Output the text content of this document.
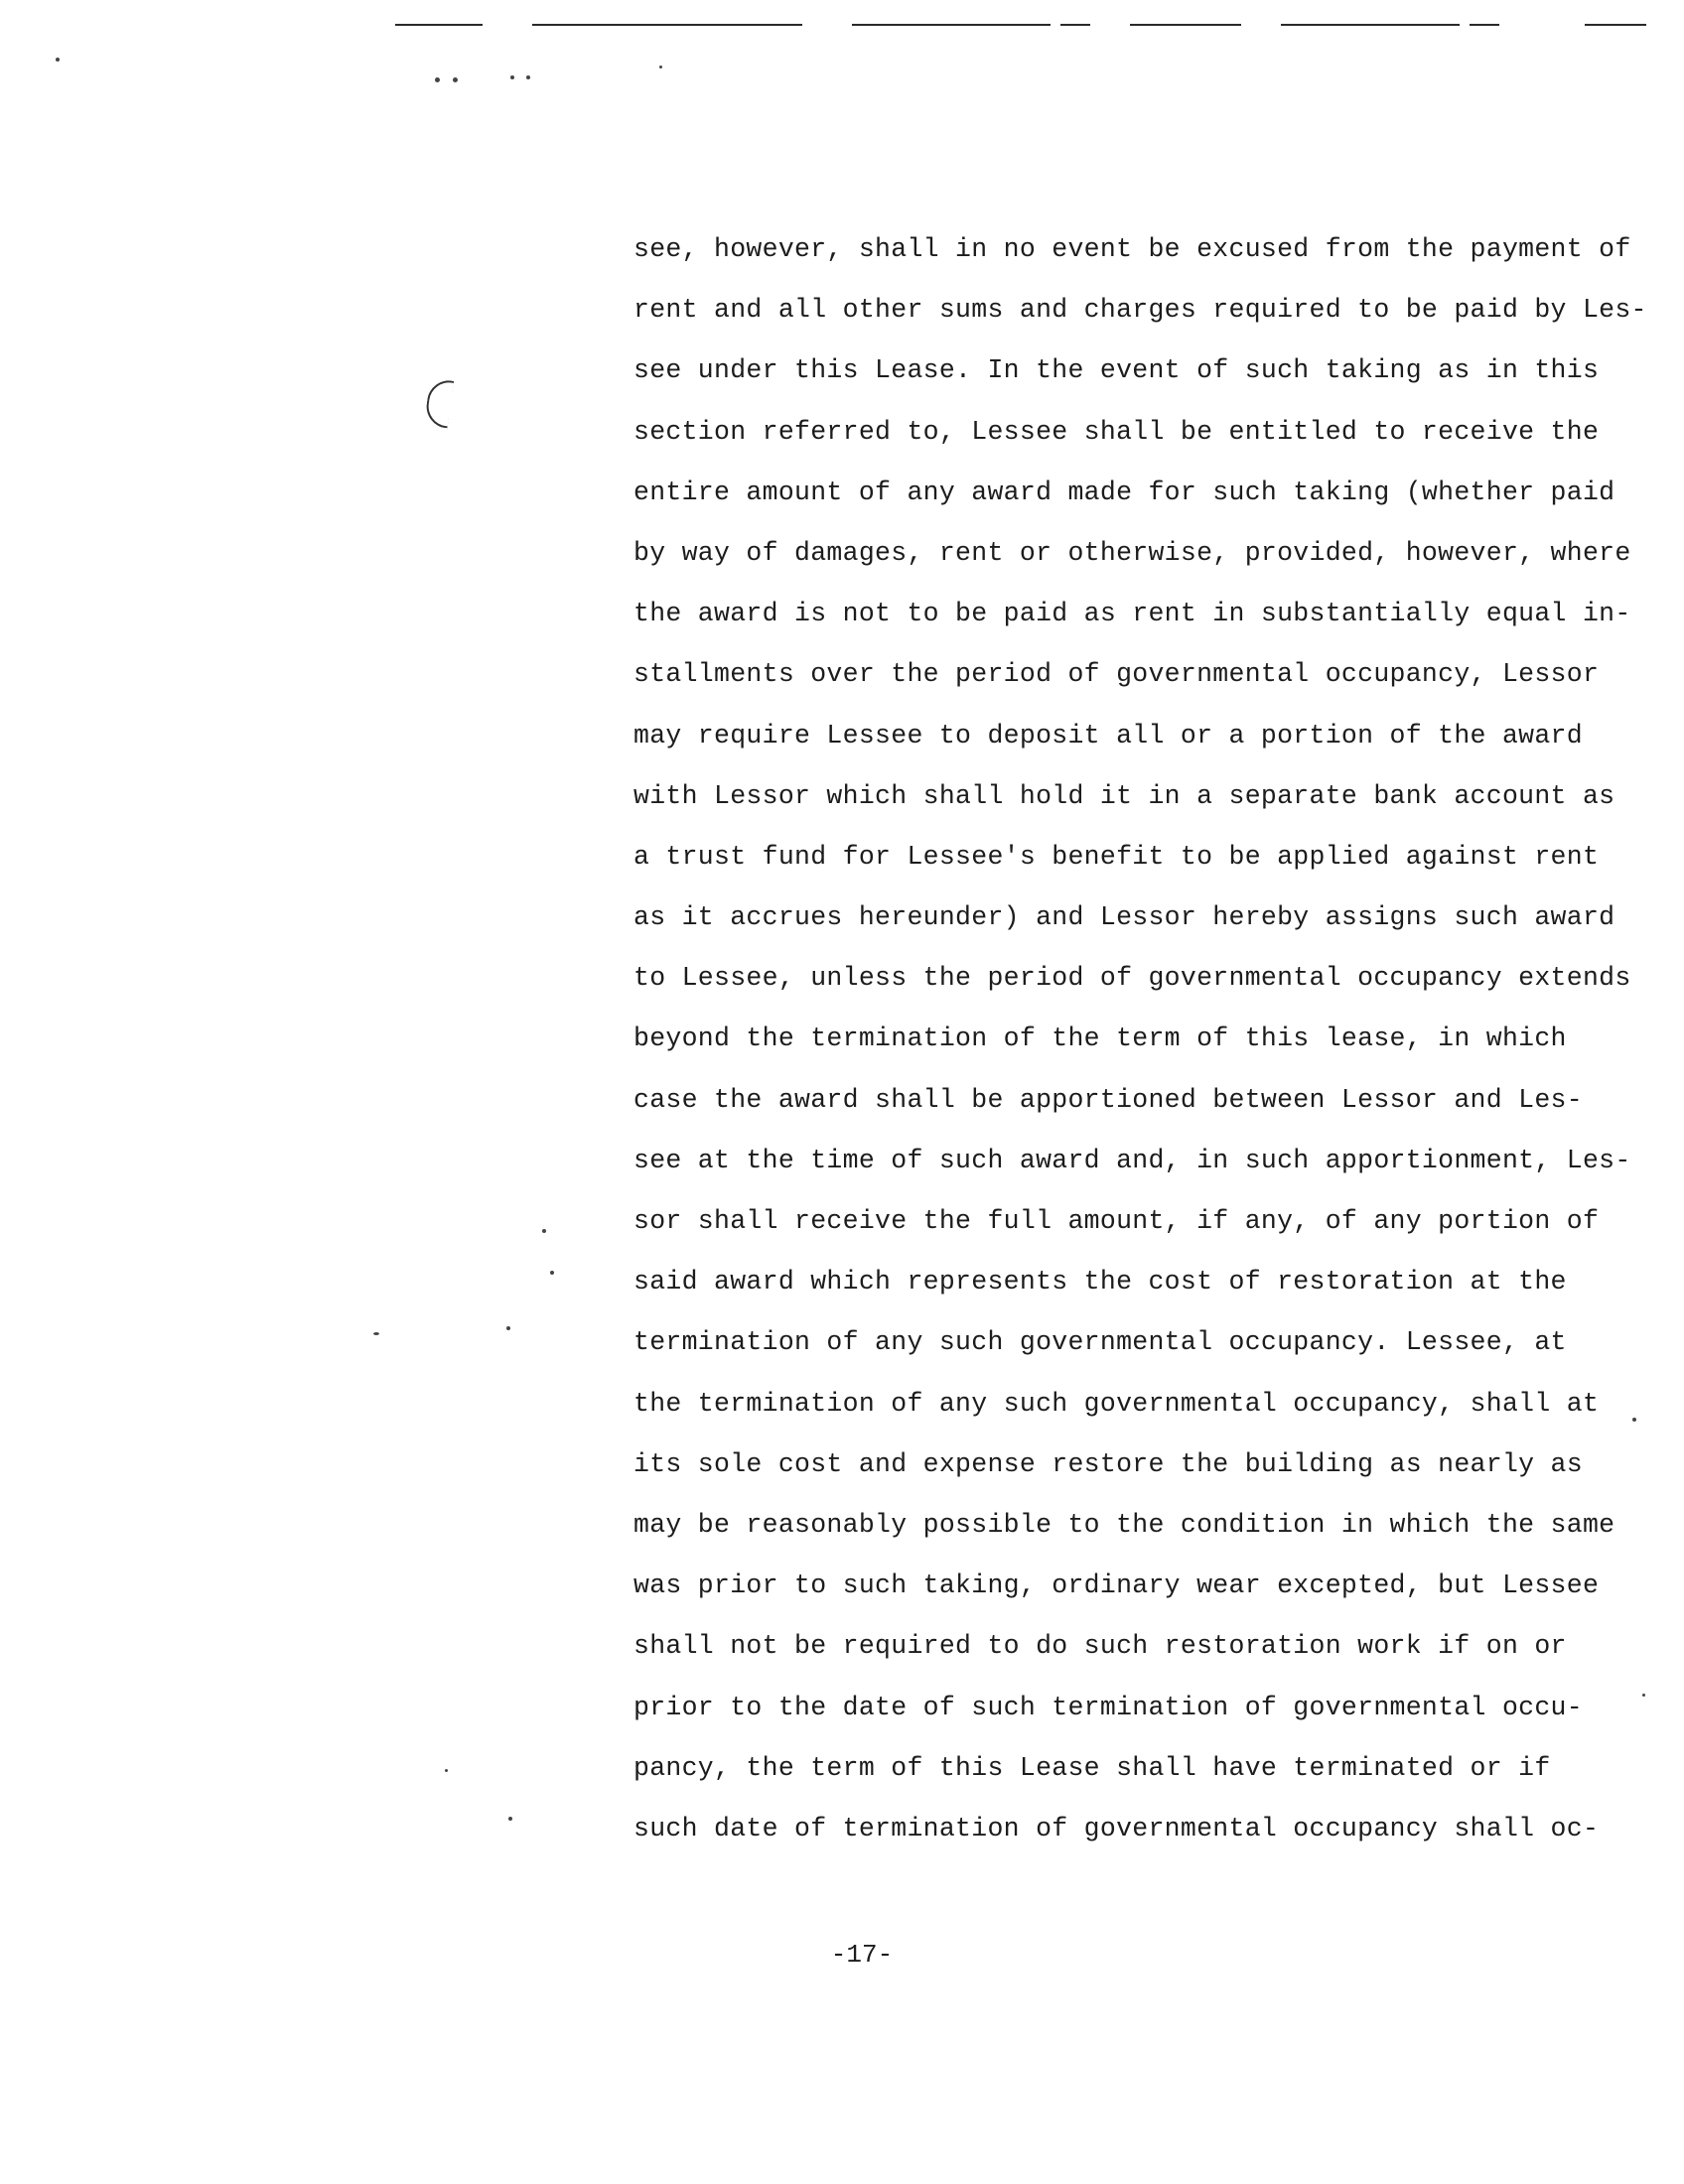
see, however, shall in no event be excused from the payment of
rent and all other sums and charges required to be paid by Les-
see under this Lease. In the event of such taking as in this
section referred to, Lessee shall be entitled to receive the
entire amount of any award made for such taking (whether paid
by way of damages, rent or otherwise, provided, however, where
the award is not to be paid as rent in substantially equal in-
stallments over the period of governmental occupancy, Lessor
may require Lessee to deposit all or a portion of the award
with Lessor which shall hold it in a separate bank account as
a trust fund for Lessee's benefit to be applied against rent
as it accrues hereunder) and Lessor hereby assigns such award
to Lessee, unless the period of governmental occupancy extends
beyond the termination of the term of this lease, in which
case the award shall be apportioned between Lessor and Les-
see at the time of such award and, in such apportionment, Les-
sor shall receive the full amount, if any, of any portion of
said award which represents the cost of restoration at the
termination of any such governmental occupancy. Lessee, at
the termination of any such governmental occupancy, shall at
its sole cost and expense restore the building as nearly as
may be reasonably possible to the condition in which the same
was prior to such taking, ordinary wear excepted, but Lessee
shall not be required to do such restoration work if on or
prior to the date of such termination of governmental occu-
pancy, the term of this Lease shall have terminated or if
such date of termination of governmental occupancy shall oc-
-17-
